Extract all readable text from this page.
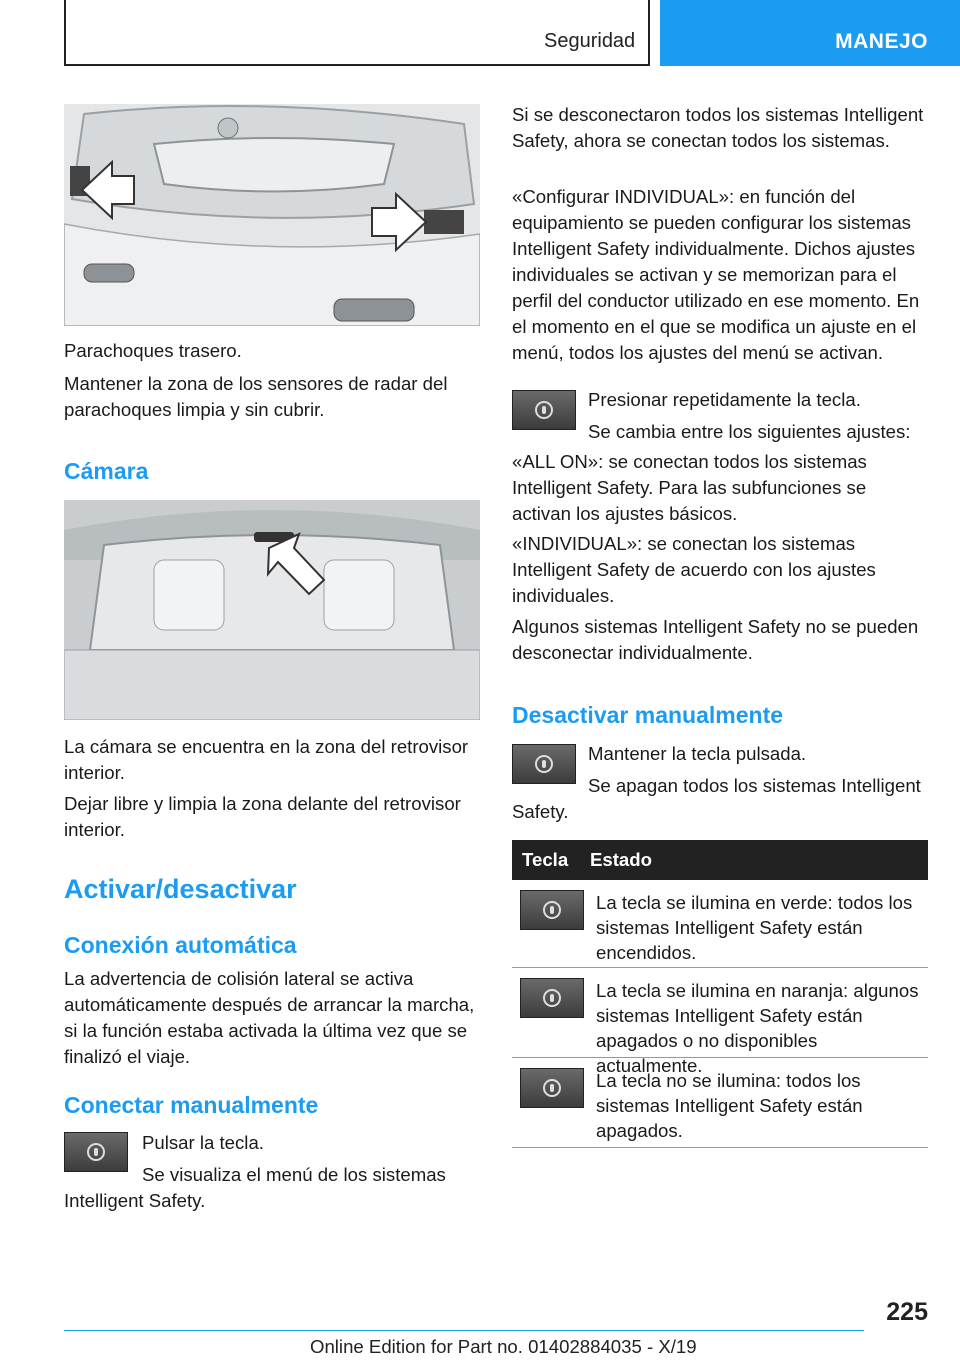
Seguridad	MANEJO

Parachoques trasero.

Mantener la zona de los sensores de radar del parachoques limpia y sin cubrir.

Cámara

La cámara se encuentra en la zona del retrovisor interior.

Dejar libre y limpia la zona delante del retrovisor interior.

Activar/desactivar
Conexión automática

La advertencia de colisión lateral se activa automáticamente después de arrancar la marcha, si la función estaba activada la última vez que se finalizó el viaje.

Conectar manualmente

Pulsar la tecla.

Se visualiza el menú de los sistemas Intelligent Safety.

Si se desconectaron todos los sistemas Intelligent Safety, ahora se conectan todos los sistemas.

«Configurar INDIVIDUAL»: en función del equipamiento se pueden configurar los sistemas Intelligent Safety individualmente. Dichos ajustes individuales se activan y se memorizan para el perfil del conductor utilizado en ese momento. En el momento en el que se modifica un ajuste en el menú, todos los ajustes del menú se activan.

Presionar repetidamente la tecla.

Se cambia entre los siguientes ajustes:

«ALL ON»: se conectan todos los sistemas Intelligent Safety. Para las subfunciones se activan los ajustes básicos.

«INDIVIDUAL»: se conectan los sistemas Intelligent Safety de acuerdo con los ajustes individuales.

Algunos sistemas Intelligent Safety no se pueden desconectar individualmente.

Desactivar manualmente

Mantener la tecla pulsada.

Se apagan todos los sistemas Intelligent Safety.

Tecla	Estado
La tecla se ilumina en verde: todos los sistemas Intelligent Safety están encendidos.
La tecla se ilumina en naranja: algunos sistemas Intelligent Safety están apagados o no disponibles actualmente.
La tecla no se ilumina: todos los sistemas Intelligent Safety están apagados.
225
Online Edition for Part no. 01402884035 - X/19
